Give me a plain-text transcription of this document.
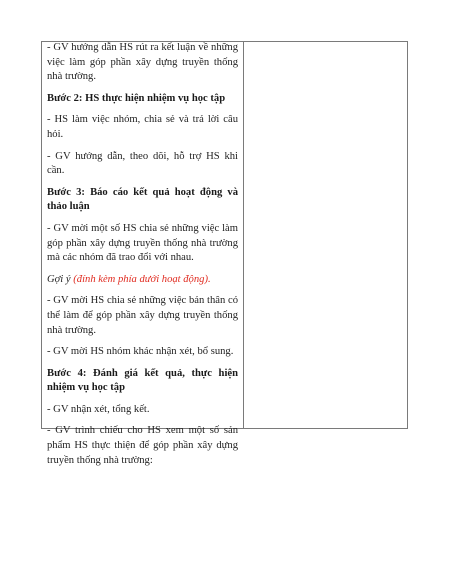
- GV hướng dẫn HS rút ra kết luận về những việc làm góp phần xây dựng truyền thống nhà trường.

Bước 2: HS thực hiện nhiệm vụ học tập

- HS làm việc nhóm, chia sẻ và trả lời câu hỏi.

- GV hướng dẫn, theo dõi, hỗ trợ HS khi cần.

Bước 3: Báo cáo kết quả hoạt động và thảo luận

- GV mời một số HS chia sẻ những việc làm góp phần xây dựng truyền thống nhà trường mà các nhóm đã trao đổi với nhau.

Gợi ý (đính kèm phía dưới hoạt động).

- GV mời HS chia sẻ những việc bản thân có thể làm để góp phần xây dựng truyền thống nhà trường.

- GV mời HS nhóm khác nhận xét, bổ sung.

Bước 4: Đánh giá kết quả, thực hiện nhiệm vụ học tập

- GV nhận xét, tổng kết.

- GV trình chiếu cho HS xem một số sản phẩm HS thực thiện để góp phần xây dựng truyền thống nhà trường:
